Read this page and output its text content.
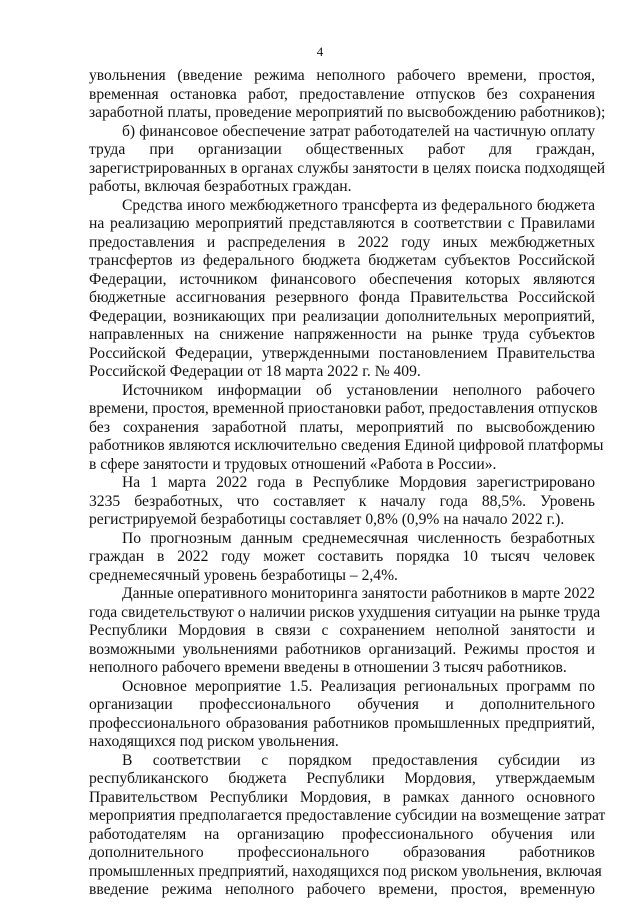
4
увольнения (введение режима неполного рабочего времени, простоя,
временная остановка работ, предоставление отпусков без сохранения
заработной платы, проведение мероприятий по высвобождению работников);
б) финансовое обеспечение затрат работодателей на частичную оплату
труда при организации общественных работ для граждан,
зарегистрированных в органах службы занятости в целях поиска подходящей
работы, включая безработных граждан.
Средства иного межбюджетного трансферта из федерального бюджета
на реализацию мероприятий представляются в соответствии с Правилами
предоставления и распределения в 2022 году иных межбюджетных
трансфертов из федерального бюджета бюджетам субъектов Российской
Федерации, источником финансового обеспечения которых являются
бюджетные ассигнования резервного фонда Правительства Российской
Федерации, возникающих при реализации дополнительных мероприятий,
направленных на снижение напряженности на рынке труда субъектов
Российской Федерации, утвержденными постановлением Правительства
Российской Федерации от 18 марта 2022 г. № 409.
Источником информации об установлении неполного рабочего
времени, простоя, временной приостановки работ, предоставления отпусков
без сохранения заработной платы, мероприятий по высвобождению
работников являются исключительно сведения Единой цифровой платформы
в сфере занятости и трудовых отношений «Работа в России».
На 1 марта 2022 года в Республике Мордовия зарегистрировано
3235 безработных, что составляет к началу года 88,5%. Уровень
регистрируемой безработицы составляет 0,8% (0,9% на начало 2022 г.).
По прогнозным данным среднемесячная численность безработных
граждан в 2022 году может составить порядка 10 тысяч человек
среднемесячный уровень безработицы – 2,4%.
Данные оперативного мониторинга занятости работников в марте 2022
года свидетельствуют о наличии рисков ухудшения ситуации на рынке труда
Республики Мордовия в связи с сохранением неполной занятости и
возможными увольнениями работников организаций. Режимы простоя и
неполного рабочего времени введены в отношении 3 тысяч работников.
Основное мероприятие 1.5. Реализация региональных программ по
организации профессионального обучения и дополнительного
профессионального образования работников промышленных предприятий,
находящихся под риском увольнения.
В соответствии с порядком предоставления субсидии из
республиканского бюджета Республики Мордовия, утверждаемым
Правительством Республики Мордовия, в рамках данного основного
мероприятия предполагается предоставление субсидии на возмещение затрат
работодателям на организацию профессионального обучения или
дополнительного профессионального образования работников
промышленных предприятий, находящихся под риском увольнения, включая
введение режима неполного рабочего времени, простоя, временную
